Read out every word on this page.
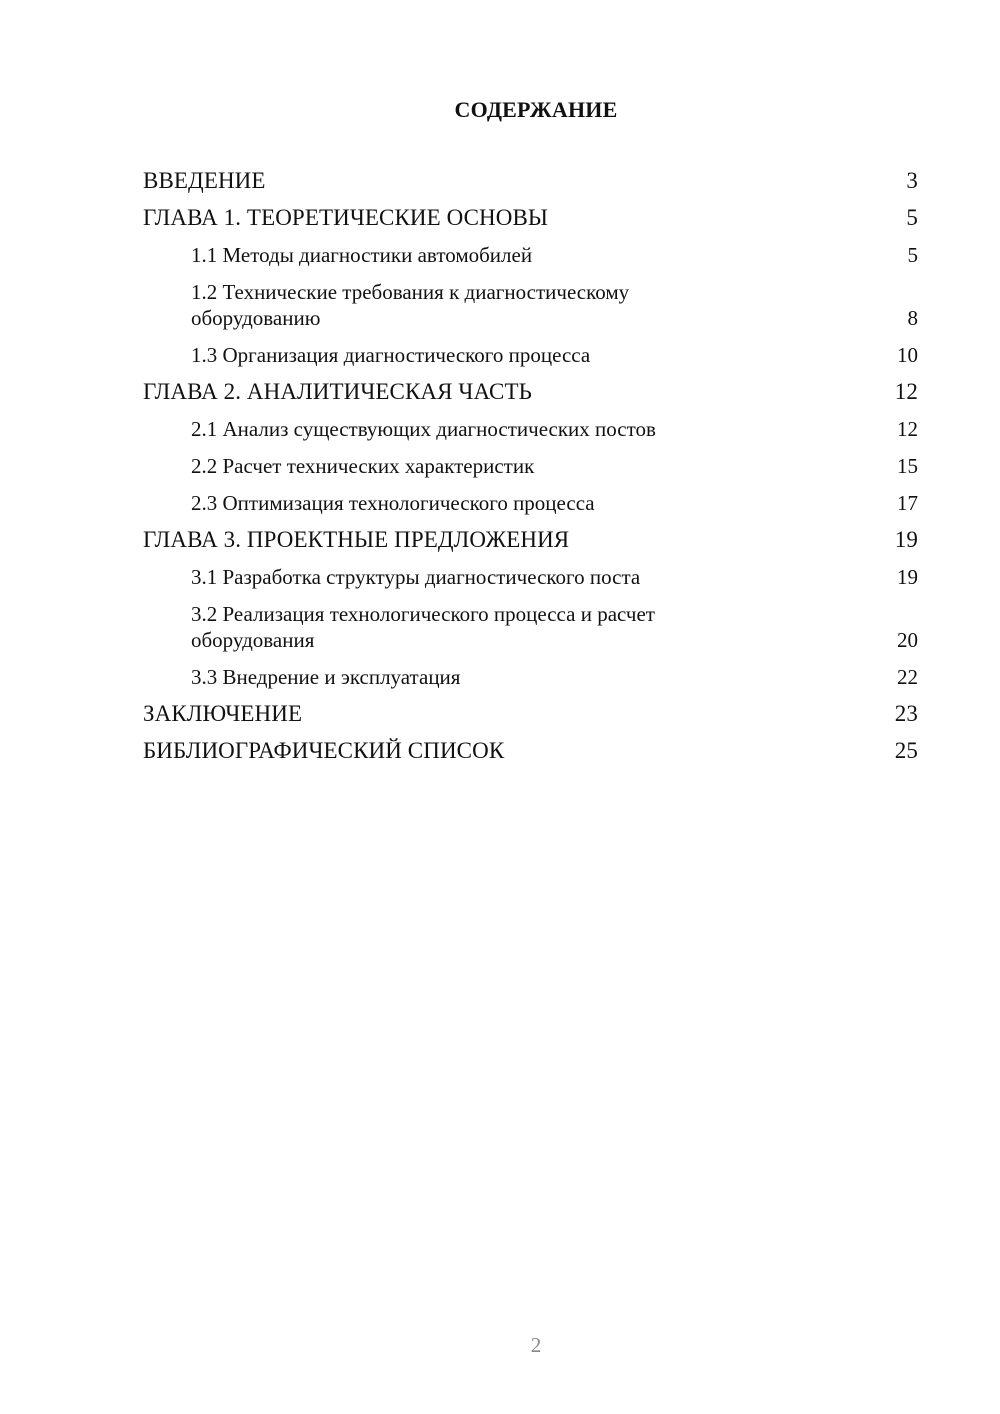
СОДЕРЖАНИЕ
ВВЕДЕНИЕ	3
ГЛАВА 1. ТЕОРЕТИЧЕСКИЕ ОСНОВЫ	5
1.1 Методы диагностики автомобилей	5
1.2 Технические требования к диагностическому оборудованию	8
1.3 Организация диагностического процесса	10
ГЛАВА 2. АНАЛИТИЧЕСКАЯ ЧАСТЬ	12
2.1 Анализ существующих диагностических постов	12
2.2 Расчет технических характеристик	15
2.3 Оптимизация технологического процесса	17
ГЛАВА 3. ПРОЕКТНЫЕ ПРЕДЛОЖЕНИЯ	19
3.1 Разработка структуры диагностического поста	19
3.2 Реализация технологического процесса и расчет оборудования	20
3.3 Внедрение и эксплуатация	22
ЗАКЛЮЧЕНИЕ	23
БИБЛИОГРАФИЧЕСКИЙ СПИСОК	25
2
